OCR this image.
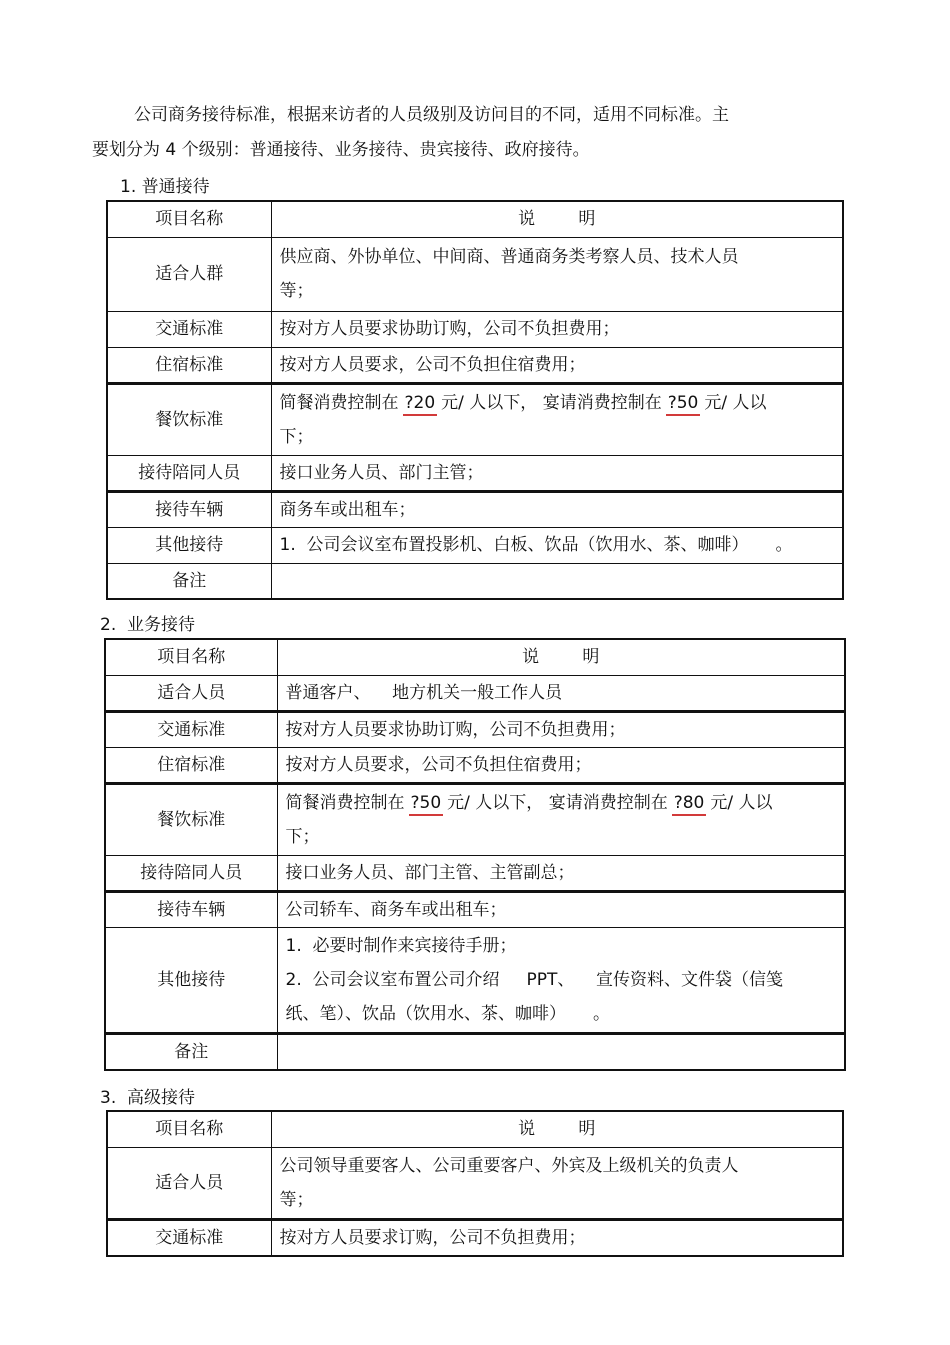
公司商务接待标准，根据来访者的人员级别及访问目的不同，适用不同标准。主
要划分为 4 个级别：普通接待、业务接待、贵宾接待、政府接待。
1. 普通接待
项目名称	说        明
适合人群	供应商、外协单位、中间商、普通商务类考察人员、技术人员
等；

交通标准	按对方人员要求协助订购，公司不负担费用；
住宿标准	按对方人员要求，公司不负担住宿费用；
餐饮标准	简餐消费控制在 ?20 元/ 人以下， 宴请消费控制在 ?50 元/ 人以
下；

接待陪同人员	接口业务人员、部门主管；
接待车辆	商务车或出租车；
其他接待	1.  公司会议室布置投影机、白板、饮品（饮用水、茶、咖啡）     。
备注	
2.  业务接待
项目名称	说        明
适合人员	普通客户、    地方机关一般工作人员
交通标准	按对方人员要求协助订购，公司不负担费用；
住宿标准	按对方人员要求，公司不负担住宿费用；
餐饮标准	简餐消费控制在 ?50 元/ 人以下， 宴请消费控制在 ?80 元/ 人以
下；

接待陪同人员	接口业务人员、部门主管、主管副总；
接待车辆	公司轿车、商务车或出租车；
其他接待	1.  必要时制作来宾接待手册；
2.  公司会议室布置公司介绍     PPT、    宣传资料、文件袋（信笺
纸、笔）、饮品（饮用水、茶、咖啡）     。

备注	
3.  高级接待
项目名称	说        明
适合人员	公司领导重要客人、公司重要客户、外宾及上级机关的负责人
等；

交通标准	按对方人员要求订购，公司不负担费用；
